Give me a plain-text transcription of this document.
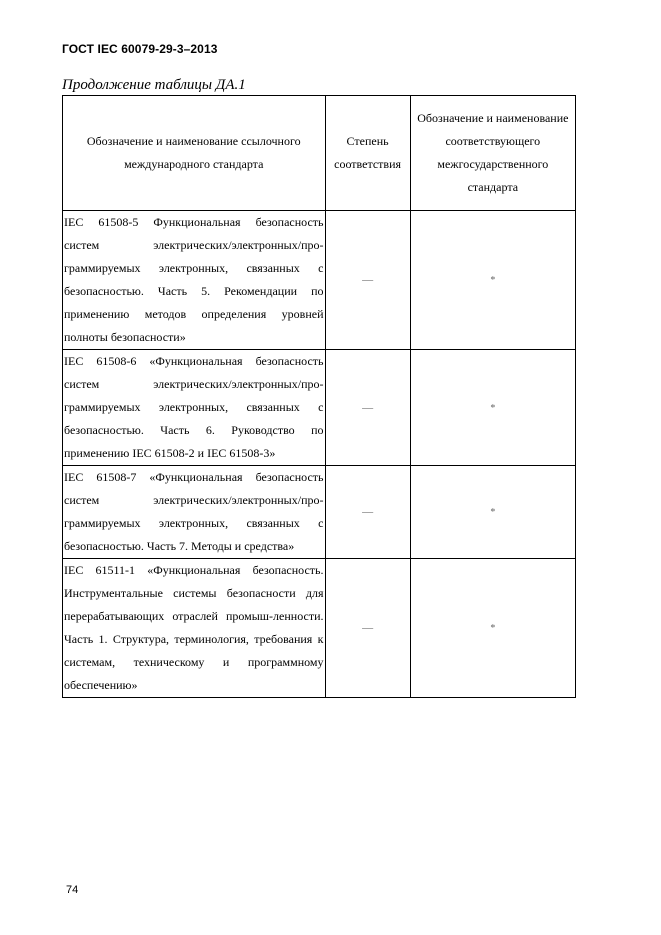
ГОСТ IEC 60079-29-3–2013
Продолжение таблицы ДА.1
Обозначение и наименование ссылочного международного стандарта	Степень соответствия	Обозначение и наименование соответствующего межгосударственного стандарта

IEC 61508-5 Функциональная безопасность систем электрических/электронных/про-граммируемых электронных, связанных с безопасностью. Часть 5. Рекомендации по применению методов определения уровней полноты безопасности»	—	*
IEC 61508-6 «Функциональная безопасность систем электрических/электронных/про-граммируемых электронных, связанных с безопасностью. Часть 6. Руководство по применению IEC 61508-2 и IEC 61508-3»	—	*
IEC 61508-7 «Функциональная безопасность систем электрических/электронных/про-граммируемых электронных, связанных с безопасностью. Часть 7. Методы и средства»	—	*
IEC 61511-1 «Функциональная безопасность. Инструментальные системы безопасности для перерабатывающих отраслей промыш-ленности. Часть 1. Структура, терминология, требования к системам, техническому и программному обеспечению»	—	*
74
